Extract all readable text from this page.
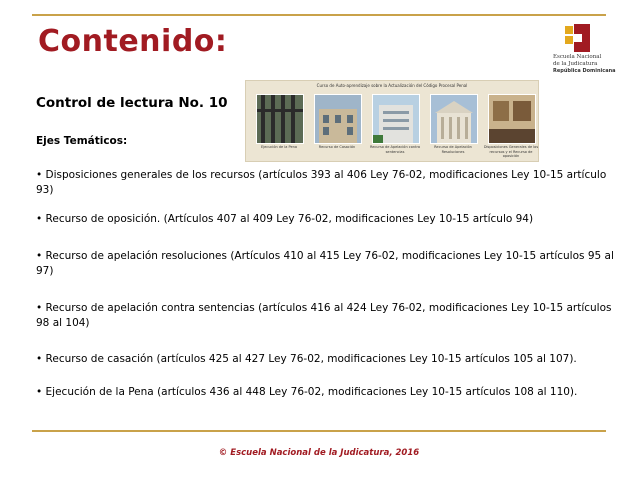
Contenido:	Escuela Nacional
de la Judicatura
República Dominicana
Control de lectura No. 10
Curso de Auto-aprendizaje sobre la Actualización del Código Procesal Penal
Ejecución de la Pena	Recurso de Casación	Recurso de Apelación contra sentencias
Recurso de Apelación Resoluciones
Disposiciones Generales de los recursos y el Recurso de oposición
Ejes Temáticos:
• Disposiciones generales de los recursos (artículos 393 al 406 Ley 76-02, modificaciones Ley 10-15 artículo 93)
• Recurso de oposición. (Artículos 407 al 409 Ley 76-02, modificaciones Ley 10-15 artículo 94)
• Recurso de apelación resoluciones (Artículos 410 al 415 Ley 76-02, modificaciones Ley 10-15 artículos 95 al 97)
• Recurso de apelación contra sentencias (artículos 416 al 424 Ley 76-02, modificaciones Ley 10-15 artículos 98 al 104)
• Recurso de casación (artículos 425 al 427 Ley 76-02, modificaciones Ley 10-15 artículos 105 al 107).
• Ejecución de la Pena (artículos 436 al 448 Ley 76-02, modificaciones Ley 10-15 artículos 108 al 110).
© Escuela Nacional de la Judicatura, 2016
